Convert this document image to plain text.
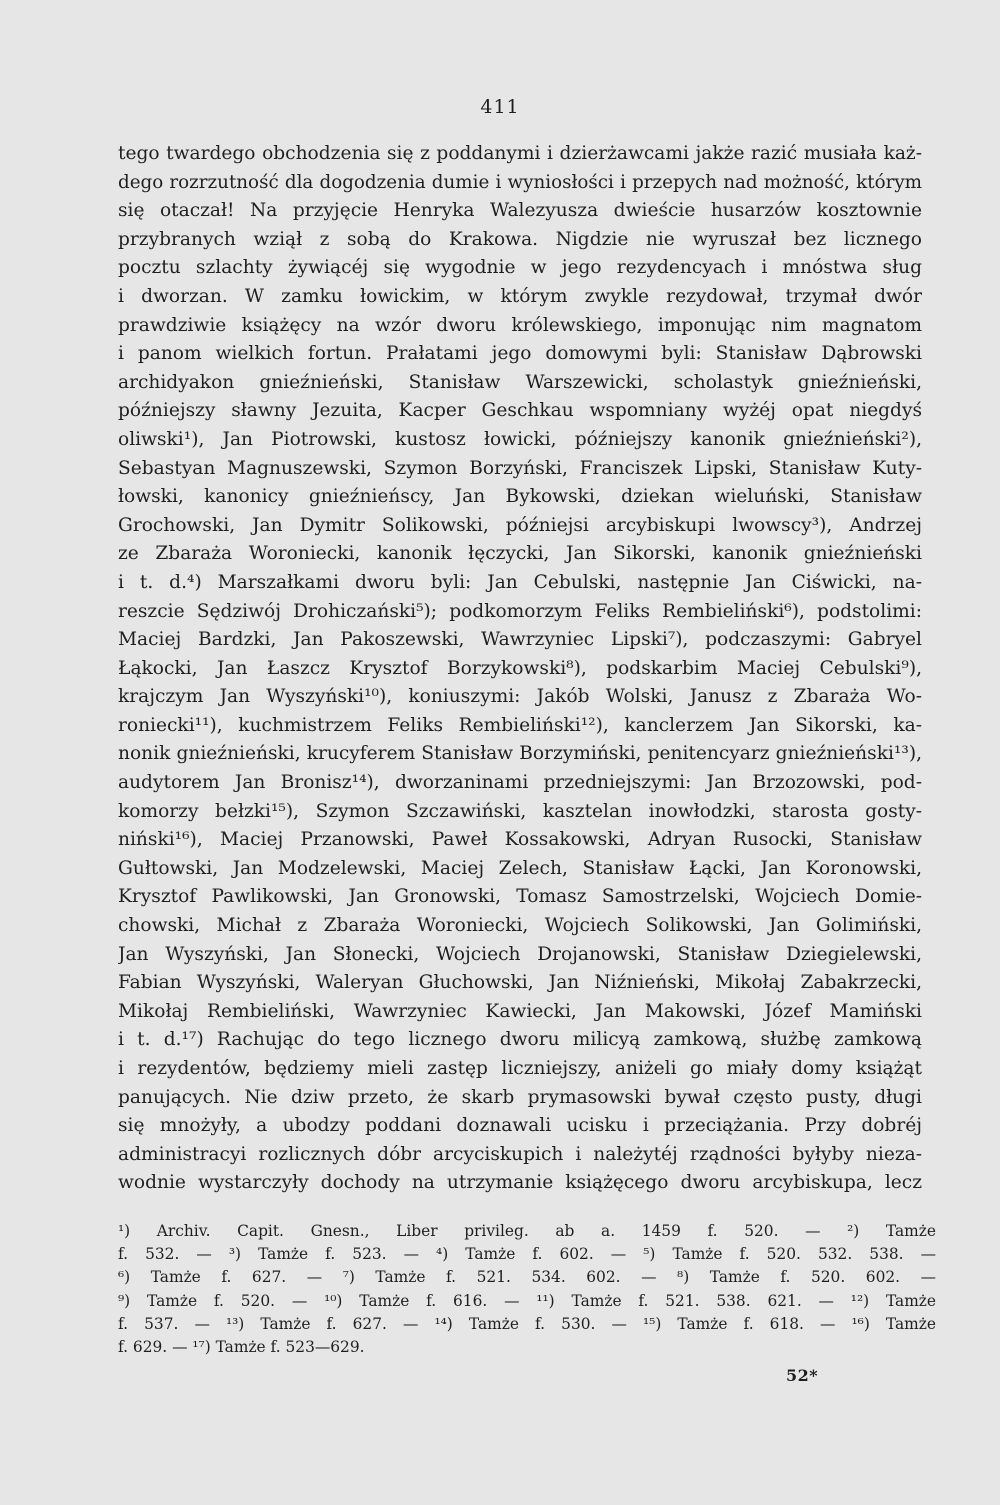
411
tego twardego obchodzenia się z poddanymi i dzierżawcami jakże razić musiała każ-
dego rozrzutność dla dogodzenia dumie i wyniosłości i przepych nad możność, którym
się otaczał! Na przyjęcie Henryka Walezyusza dwieście husarzów kosztownie
przybranych wziął z sobą do Krakowa. Nigdzie nie wyruszał bez licznego
pocztu szlachty żywiącéj się wygodnie w jego rezydencyach i mnóstwa sług
i dworzan. W zamku łowickim, w którym zwykle rezydował, trzymał dwór
prawdziwie książęcy na wzór dworu królewskiego, imponując nim magnatom
i panom wielkich fortun. Prałatami jego domowymi byli: Stanisław Dąbrowski
archidyakon gnieźnieński, Stanisław Warszewicki, scholastyk gnieźnieński,
późniejszy sławny Jezuita, Kacper Geschkau wspomniany wyżéj opat niegdyś
oliwski¹), Jan Piotrowski, kustosz łowicki, późniejszy kanonik gnieźnieński²),
Sebastyan Magnuszewski, Szymon Borzyński, Franciszek Lipski, Stanisław Kuty-
łowski, kanonicy gnieźnieńscy, Jan Bykowski, dziekan wieluński, Stanisław
Grochowski, Jan Dymitr Solikowski, późniejsi arcybiskupi lwowscy³), Andrzej
ze Zbaraża Woroniecki, kanonik łęczycki, Jan Sikorski, kanonik gnieźnieński
i t. d.⁴) Marszałkami dworu byli: Jan Cebulski, następnie Jan Ciświcki, na-
reszcie Sędziwój Drohiczański⁵); podkomorzym Feliks Rembieliński⁶), podstolimi:
Maciej Bardzki, Jan Pakoszewski, Wawrzyniec Lipski⁷), podczaszymi: Gabryel
Łąkocki, Jan Łaszcz Krysztof Borzykowski⁸), podskarbim Maciej Cebulski⁹),
krajczym Jan Wyszyński¹⁰), koniuszymi: Jakób Wolski, Janusz z Zbaraża Wo-
roniecki¹¹), kuchmistrzem Feliks Rembieliński¹²), kanclerzem Jan Sikorski, ka-
nonik gnieźnieński, krucyferem Stanisław Borzymiński, penitencyarz gnieźnieński¹³),
audytorem Jan Bronisz¹⁴), dworzaninami przedniejszymi: Jan Brzozowski, pod-
komorzy bełzki¹⁵), Szymon Szczawiński, kasztelan inowłodzki, starosta gosty-
niński¹⁶), Maciej Przanowski, Paweł Kossakowski, Adryan Rusocki, Stanisław
Gułtowski, Jan Modzelewski, Maciej Zelech, Stanisław Łącki, Jan Koronowski,
Krysztof Pawlikowski, Jan Gronowski, Tomasz Samostrzelski, Wojciech Domie-
chowski, Michał z Zbaraża Woroniecki, Wojciech Solikowski, Jan Golimiński,
Jan Wyszyński, Jan Słonecki, Wojciech Drojanowski, Stanisław Dziegielewski,
Fabian Wyszyński, Waleryan Głuchowski, Jan Niźnieński, Mikołaj Zabakrzecki,
Mikołaj Rembieliński, Wawrzyniec Kawiecki, Jan Makowski, Józef Mamiński
i t. d.¹⁷) Rachując do tego licznego dworu milicyą zamkową, służbę zamkową
i rezydentów, będziemy mieli zastęp liczniejszy, aniżeli go miały domy książąt
panujących. Nie dziw przeto, że skarb prymasowski bywał często pusty, długi
się mnożyły, a ubodzy poddani doznawali ucisku i przeciążania. Przy dobréj
administracyi rozlicznych dóbr arcyciskupich i należytéj rządności byłyby nieza-
wodnie wystarczyły dochody na utrzymanie książęcego dworu arcybiskupa, lecz
¹) Archiv. Capit. Gnesn., Liber privileg. ab a. 1459 f. 520. — ²) Tamże
f. 532. — ³) Tamże f. 523. — ⁴) Tamże f. 602. — ⁵) Tamże f. 520. 532. 538. —
⁶) Tamże f. 627. — ⁷) Tamże f. 521. 534. 602. — ⁸) Tamże f. 520. 602. —
⁹) Tamże f. 520. — ¹⁰) Tamże f. 616. — ¹¹) Tamże f. 521. 538. 621. — ¹²) Tamże
f. 537. — ¹³) Tamże f. 627. — ¹⁴) Tamże f. 530. — ¹⁵) Tamże f. 618. — ¹⁶) Tamże
f. 629. — ¹⁷) Tamże f. 523—629.
52*
